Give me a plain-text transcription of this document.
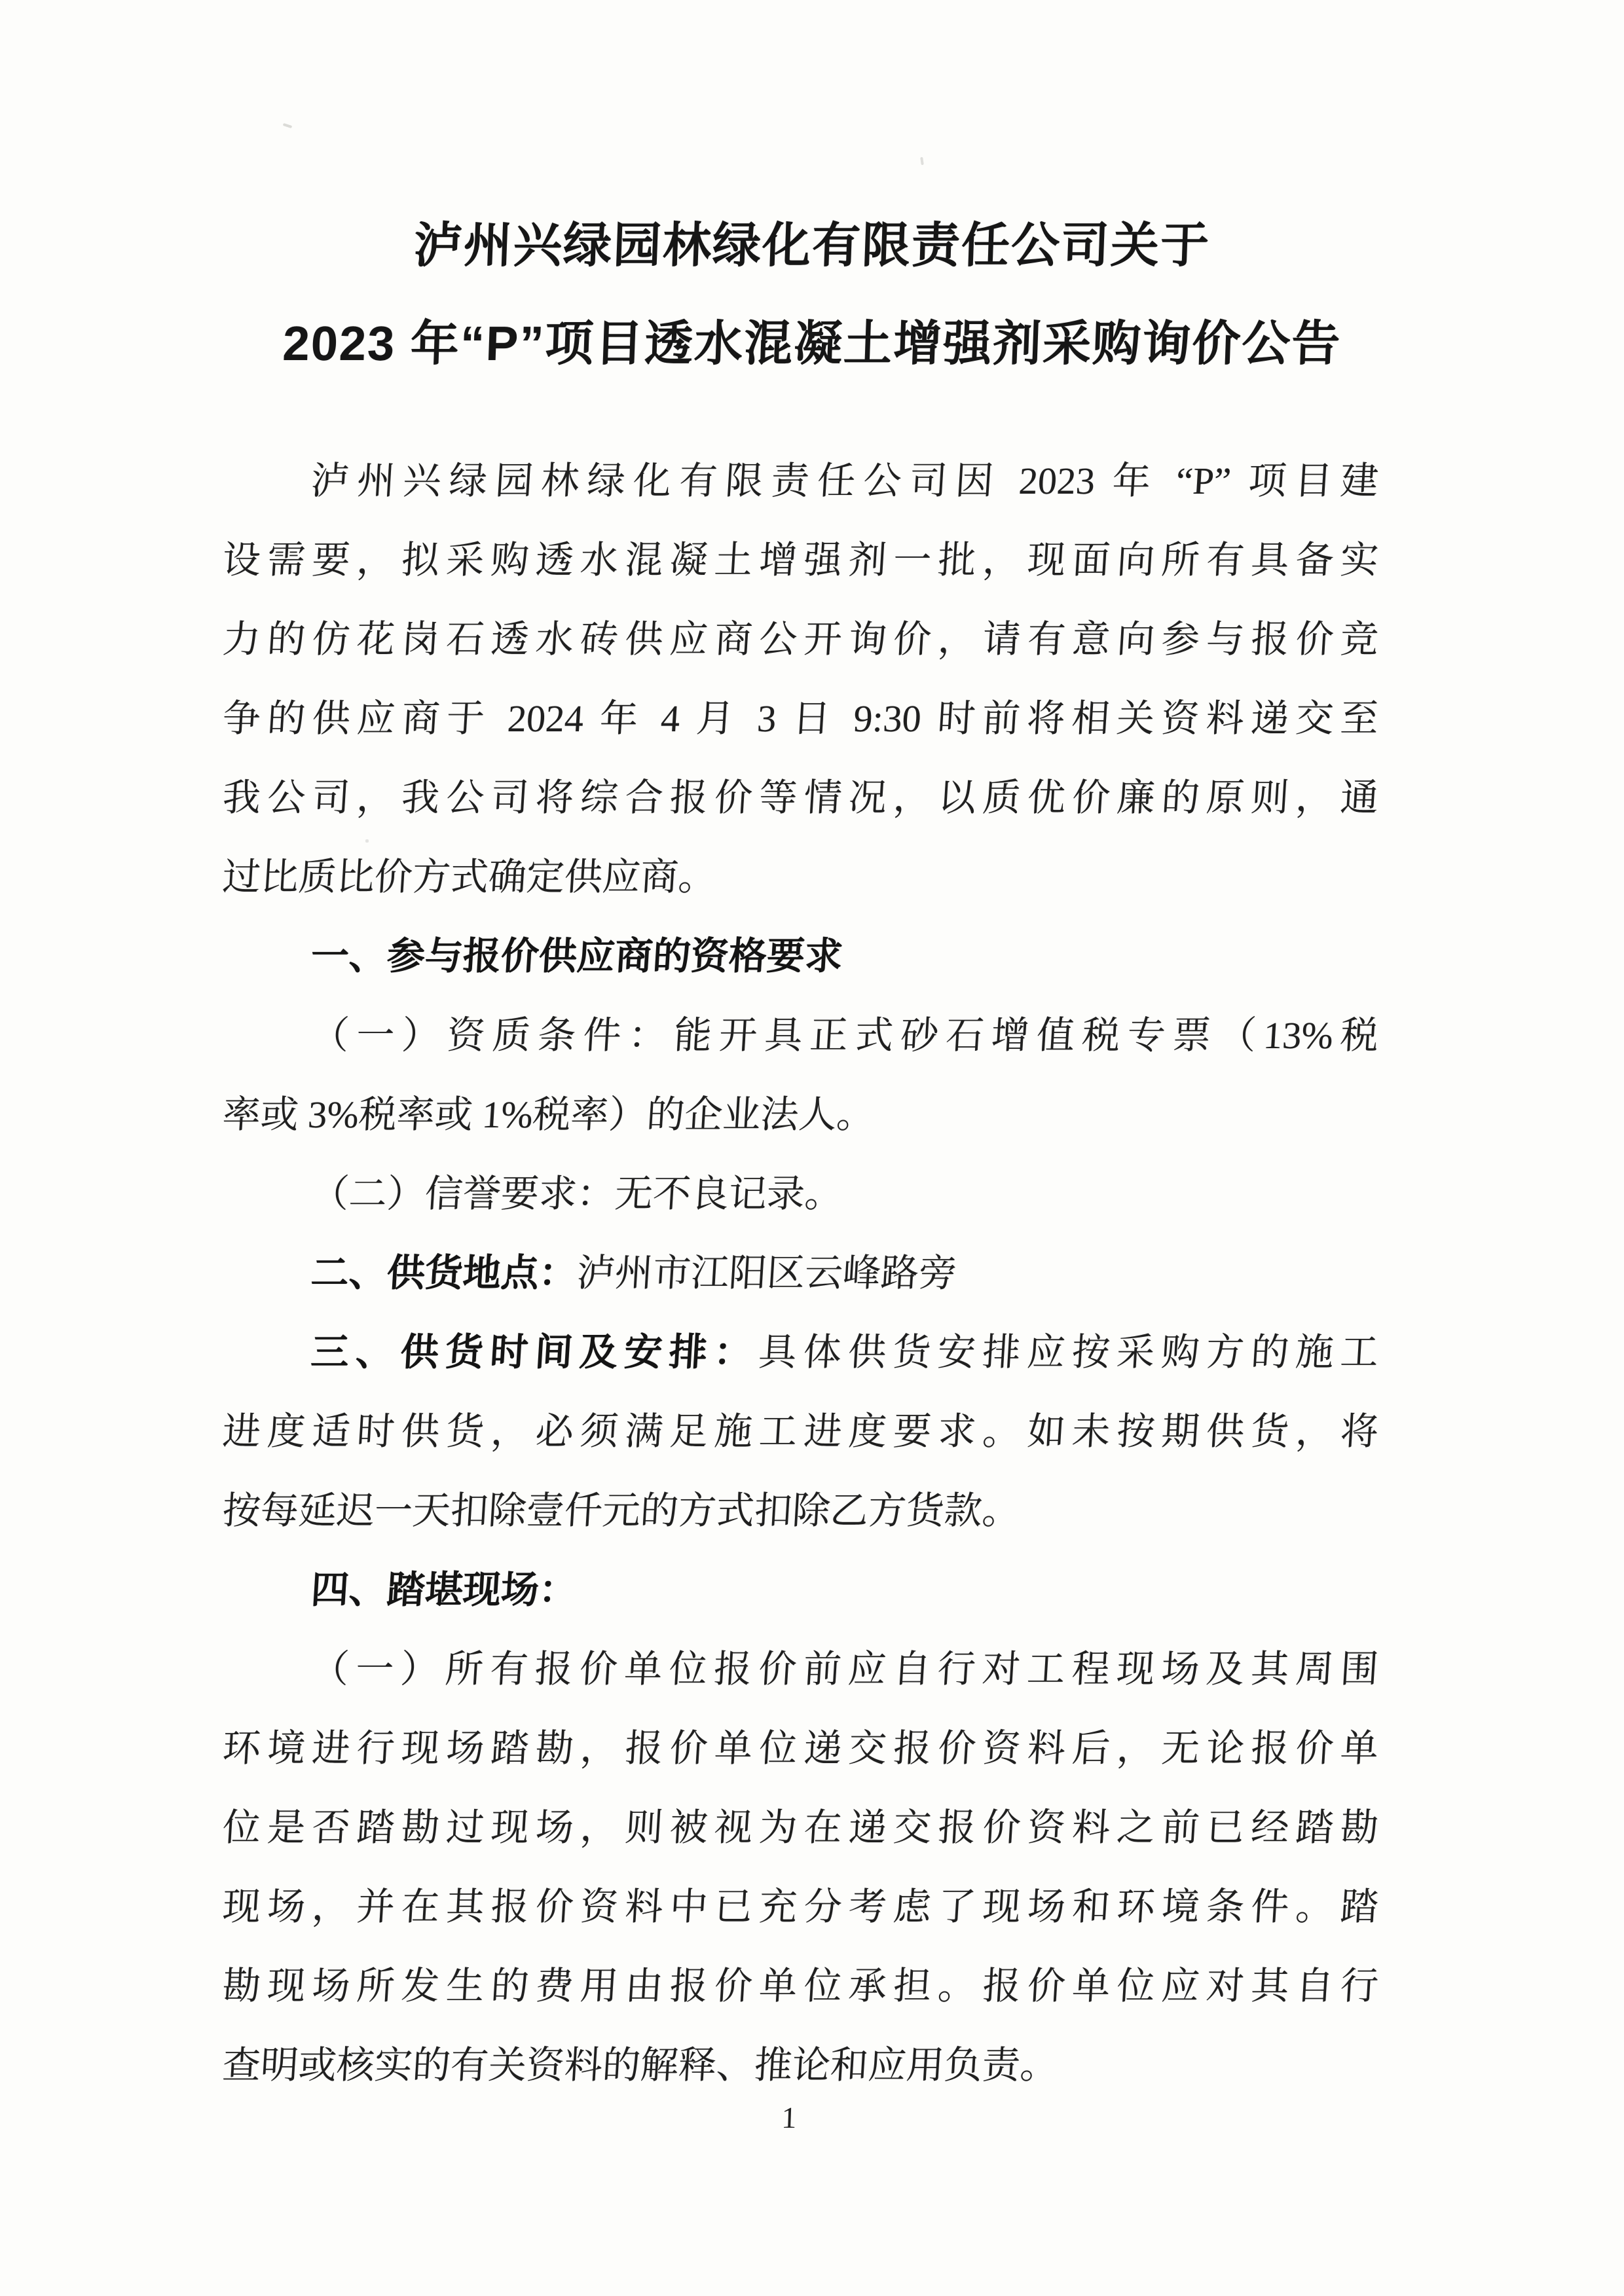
泸州兴绿园林绿化有限责任公司关于
2023 年“P”项目透水混凝土增强剂采购询价公告
泸州兴绿园林绿化有限责任公司因 2023 年 “P” 项目建
设需要，拟采购透水混凝土增强剂一批，现面向所有具备实
力的仿花岗石透水砖供应商公开询价，请有意向参与报价竞
争的供应商于 2024 年 4 月 3 日 9:30 时前将相关资料递交至
我公司，我公司将综合报价等情况，以质优价廉的原则，通
过比质比价方式确定供应商。
一、参与报价供应商的资格要求
（一）资质条件：能开具正式砂石增值税专票（13%税
率或 3%税率或 1%税率）的企业法人。
（二）信誉要求：无不良记录。
二、供货地点：泸州市江阳区云峰路旁
三、供货时间及安排：具体供货安排应按采购方的施工
进度适时供货，必须满足施工进度要求。如未按期供货，将
按每延迟一天扣除壹仟元的方式扣除乙方货款。
四、踏堪现场：
（一）所有报价单位报价前应自行对工程现场及其周围
环境进行现场踏勘，报价单位递交报价资料后，无论报价单
位是否踏勘过现场，则被视为在递交报价资料之前已经踏勘
现场，并在其报价资料中已充分考虑了现场和环境条件。踏
勘现场所发生的费用由报价单位承担。报价单位应对其自行
查明或核实的有关资料的解释、推论和应用负责。
1
